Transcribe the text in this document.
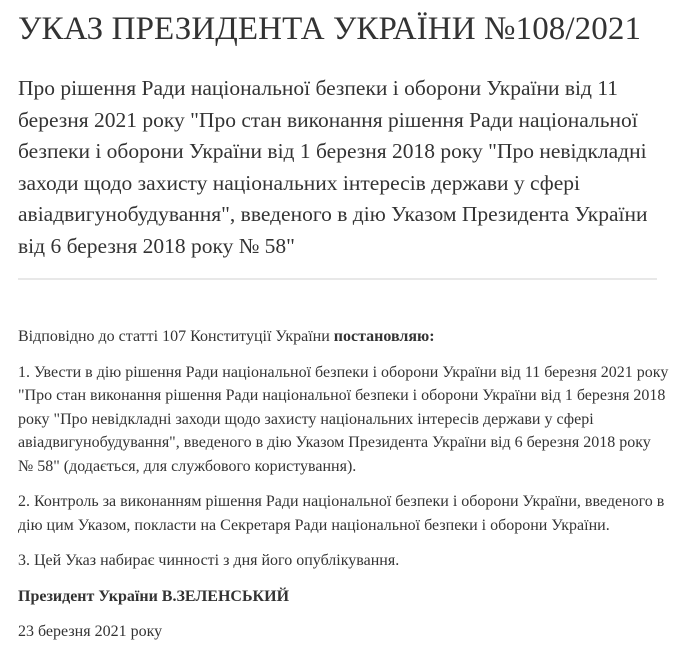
УКАЗ ПРЕЗИДЕНТА УКРАЇНИ №108/2021
Про рішення Ради національної безпеки і оборони України від 11 березня 2021 року "Про стан виконання рішення Ради національної безпеки і оборони України від 1 березня 2018 року "Про невідкладні заходи щодо захисту національних інтересів держави у сфері авіадвигунобудування", введеного в дію Указом Президента України від 6 березня 2018 року № 58"

Відповідно до статті 107 Конституції України постановляю:

1. Увести в дію рішення Ради національної безпеки і оборони України від 11 березня 2021 року "Про стан виконання рішення Ради національної безпеки і оборони України від 1 березня 2018 року "Про невідкладні заходи щодо захисту національних інтересів держави у сфері авіадвигунобудування", введеного в дію Указом Президента України від 6 березня 2018 року № 58" (додається, для службового користування).

2. Контроль за виконанням рішення Ради національної безпеки і оборони України, введеного в дію цим Указом, покласти на Секретаря Ради національної безпеки і оборони України.

3. Цей Указ набирає чинності з дня його опублікування.

Президент України В.ЗЕЛЕНСЬКИЙ

23 березня 2021 року
